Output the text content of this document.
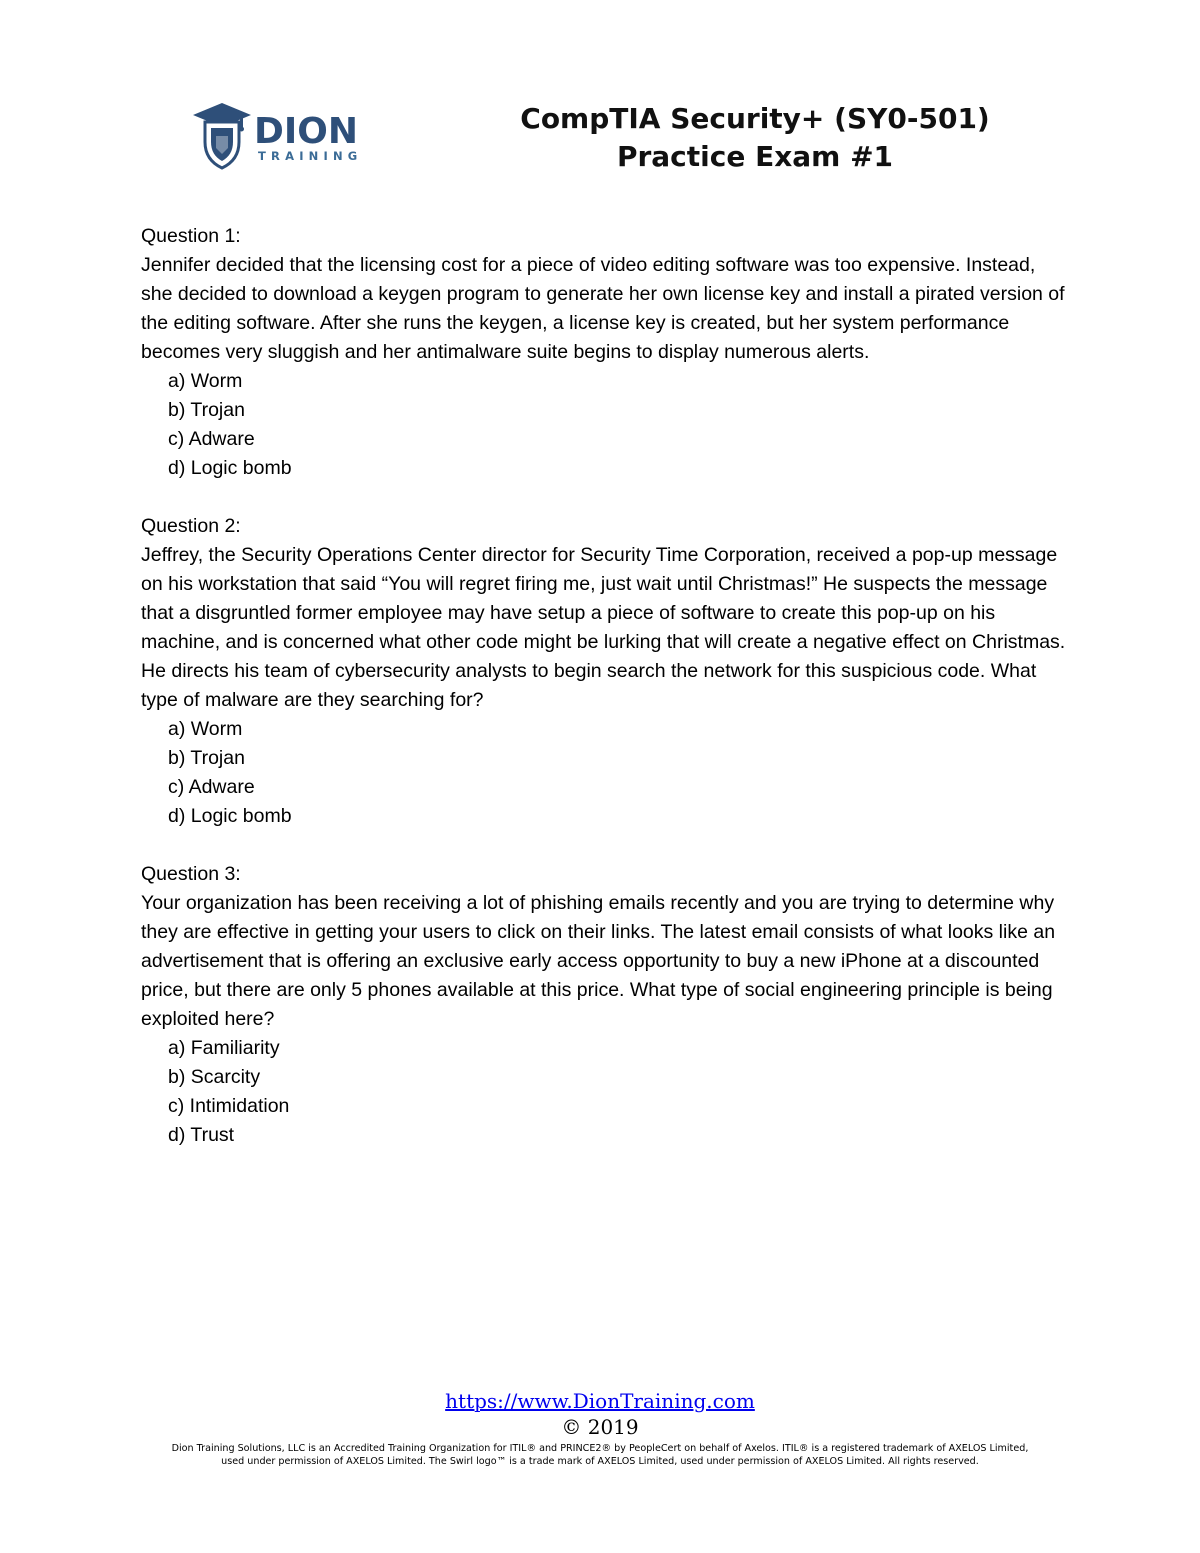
DION
TRAINING
CompTIA Security+ (SY0-501)
Practice Exam #1

Question 1:

Jennifer decided that the licensing cost for a piece of video editing software was too expensive. Instead, she decided to download a keygen program to generate her own license key and install a pirated version of the editing software. After she runs the keygen, a license key is created, but her system performance becomes very sluggish and her antimalware suite begins to display numerous alerts.

a) Worm
b) Trojan
c) Adware
d) Logic bomb

Question 2:

Jeffrey, the Security Operations Center director for Security Time Corporation, received a pop-up message on his workstation that said “You will regret firing me, just wait until Christmas!” He suspects the message that a disgruntled former employee may have setup a piece of software to create this pop-up on his machine, and is concerned what other code might be lurking that will create a negative effect on Christmas. He directs his team of cybersecurity analysts to begin search the network for this suspicious code. What type of malware are they searching for?

a) Worm
b) Trojan
c) Adware
d) Logic bomb

Question 3:

Your organization has been receiving a lot of phishing emails recently and you are trying to determine why they are effective in getting your users to click on their links. The latest email consists of what looks like an advertisement that is offering an exclusive early access opportunity to buy a new iPhone at a discounted price, but there are only 5 phones available at this price. What type of social engineering principle is being exploited here?

a) Familiarity
b) Scarcity
c) Intimidation
d) Trust
https://www.DionTraining.com
© 2019
Dion Training Solutions, LLC is an Accredited Training Organization for ITIL® and PRINCE2® by PeopleCert on behalf of Axelos. ITIL® is a registered trademark of AXELOS Limited, used under permission of AXELOS Limited. The Swirl logo™ is a trade mark of AXELOS Limited, used under permission of AXELOS Limited. All rights reserved.
